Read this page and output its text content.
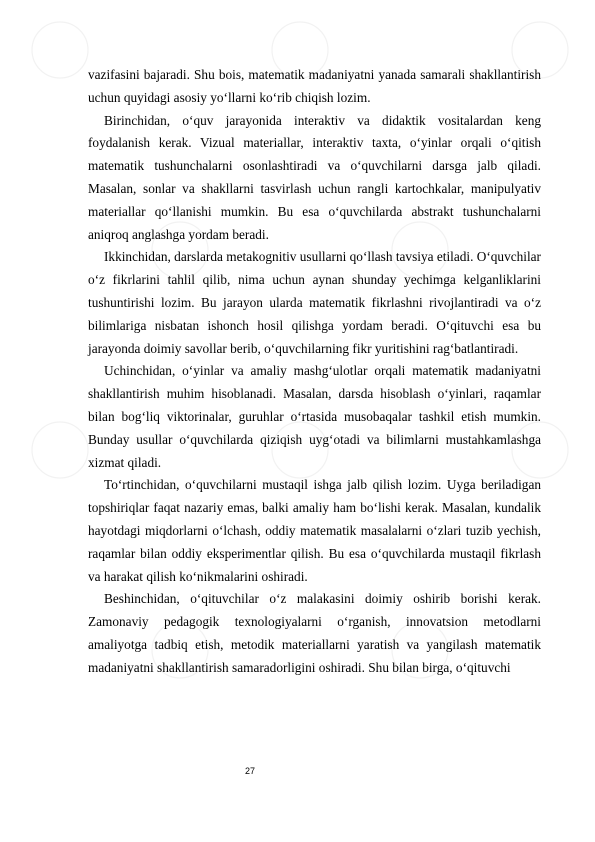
vazifasini bajaradi. Shu bois, matematik madaniyatni yanada samarali shakllantirish uchun quyidagi asosiy yo‘llarni ko‘rib chiqish lozim.

Birinchidan, o‘quv jarayonida interaktiv va didaktik vositalardan keng foydalanish kerak. Vizual materiallar, interaktiv taxta, o‘yinlar orqali o‘qitish matematik tushunchalarni osonlashtiradi va o‘quvchilarni darsga jalb qiladi. Masalan, sonlar va shakllarni tasvirlash uchun rangli kartochkalar, manipulyativ materiallar qo‘llanishi mumkin. Bu esa o‘quvchilarda abstrakt tushunchalarni aniqroq anglashga yordam beradi.

Ikkinchidan, darslarda metakognitiv usullarni qo‘llash tavsiya etiladi. O‘quvchilar o‘z fikrlarini tahlil qilib, nima uchun aynan shunday yechimga kelganliklarini tushuntirishi lozim. Bu jarayon ularda matematik fikrlashni rivojlantiradi va o‘z bilimlariga nisbatan ishonch hosil qilishga yordam beradi. O‘qituvchi esa bu jarayonda doimiy savollar berib, o‘quvchilarning fikr yuritishini rag‘batlantiradi.

Uchinchidan, o‘yinlar va amaliy mashg‘ulotlar orqali matematik madaniyatni shakllantirish muhim hisoblanadi. Masalan, darsda hisoblash o‘yinlari, raqamlar bilan bog‘liq viktorinalar, guruhlar o‘rtasida musobaqalar tashkil etish mumkin. Bunday usullar o‘quvchilarda qiziqish uyg‘otadi va bilimlarni mustahkamlashga xizmat qiladi.

To‘rtinchidan, o‘quvchilarni mustaqil ishga jalb qilish lozim. Uyga beriladigan topshiriqlar faqat nazariy emas, balki amaliy ham bo‘lishi kerak. Masalan, kundalik hayotdagi miqdorlarni o‘lchash, oddiy matematik masalalarni o‘zlari tuzib yechish, raqamlar bilan oddiy eksperimentlar qilish. Bu esa o‘quvchilarda mustaqil fikrlash va harakat qilish ko‘nikmalarini oshiradi.

Beshinchidan, o‘qituvchilar o‘z malakasini doimiy oshirib borishi kerak. Zamonaviy pedagogik texnologiyalarni o‘rganish, innovatsion metodlarni amaliyotga tadbiq etish, metodik materiallarni yaratish va yangilash matematik madaniyatni shakllantirish samaradorligini oshiradi. Shu bilan birga, o‘qituvchi

27
